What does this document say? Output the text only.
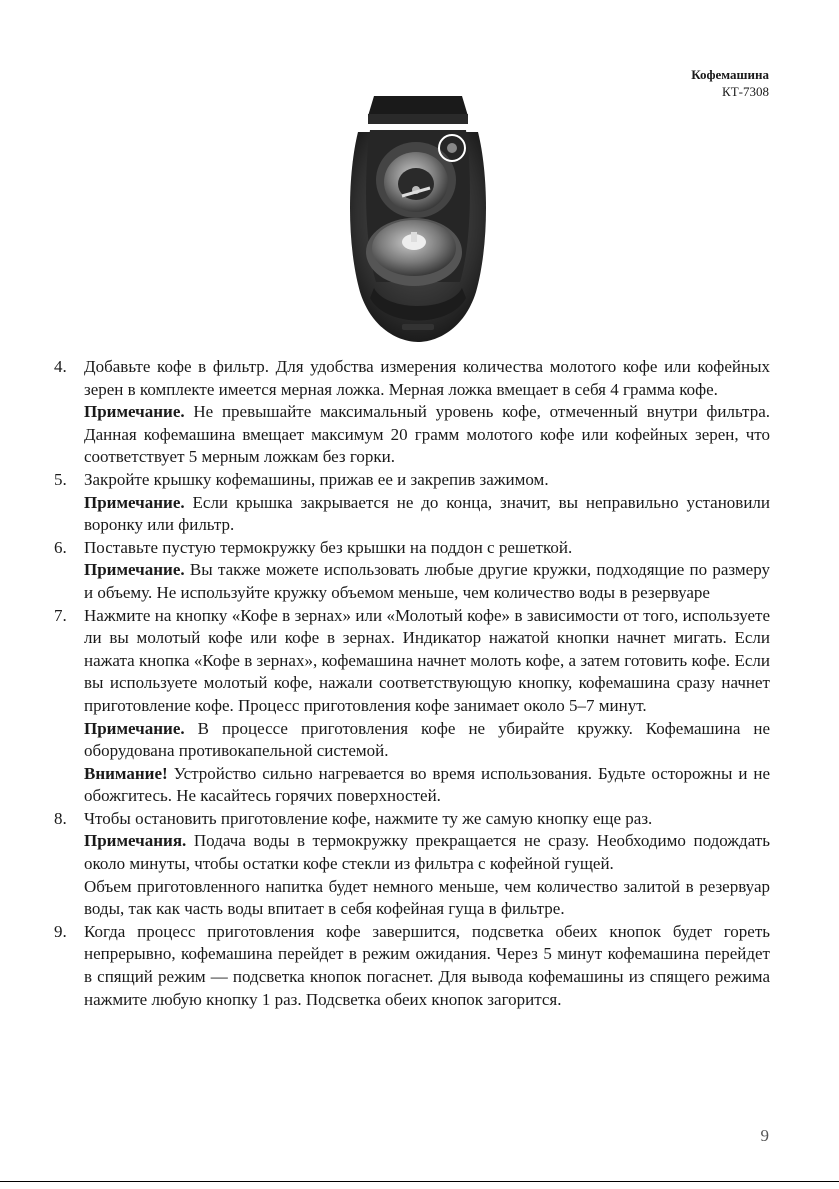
Кофемашина
КТ-7308
4.	Добавьте кофе в фильтр. Для удобства измерения количества молотого кофе или кофейных зерен в комплекте имеется мерная ложка. Мерная ложка вмещает в себя 4 грамма кофе.

Примечание. Не превышайте максимальный уровень кофе, отмеченный внутри фильтра. Данная кофемашина вмещает максимум 20 грамм молотого кофе или кофейных зерен, что соответствует 5 мерным ложкам без горки.

5.	Закройте крышку кофемашины, прижав ее и закрепив зажимом.

Примечание. Если крышка закрывается не до конца, значит, вы неправильно установили воронку или фильтр.

6.	Поставьте пустую термокружку без крышки на поддон с решеткой.

Примечание. Вы также можете использовать любые другие кружки, подходящие по размеру и объему. Не используйте кружку объемом меньше, чем количество воды в резервуаре

7.	Нажмите на кнопку «Кофе в зернах» или «Молотый кофе» в зависимости от того, используете ли вы молотый кофе или кофе в зернах. Индикатор нажатой кнопки начнет мигать. Если нажата кнопка «Кофе в зернах», кофемашина начнет молоть кофе, а затем готовить кофе. Если вы используете молотый кофе, нажали соответствующую кнопку, кофемашина сразу начнет приготовление кофе. Процесс приготовления кофе занимает около 5–7 минут.

Примечание. В процессе приготовления кофе не убирайте кружку. Кофемашина не оборудована противокапельной системой.

Внимание! Устройство сильно нагревается во время использования. Будьте осторожны и не обожгитесь. Не касайтесь горячих поверхностей.

8.	Чтобы остановить приготовление кофе, нажмите ту же самую кнопку еще раз.

Примечания. Подача воды в термокружку прекращается не сразу. Необходимо подождать около минуты, чтобы остатки кофе стекли из фильтра с кофейной гущей.

Объем приготовленного напитка будет немного меньше, чем количество залитой в резервуар воды, так как часть воды впитает в себя кофейная гуща в фильтре.

9.	Когда процесс приготовления кофе завершится, подсветка обеих кнопок будет гореть непрерывно, кофемашина перейдет в режим ожидания. Через 5 минут кофемашина перейдет в спящий режим — подсветка кнопок погаснет. Для вывода кофемашины из спящего режима нажмите любую кнопку 1 раз. Подсветка обеих кнопок загорится.

9
